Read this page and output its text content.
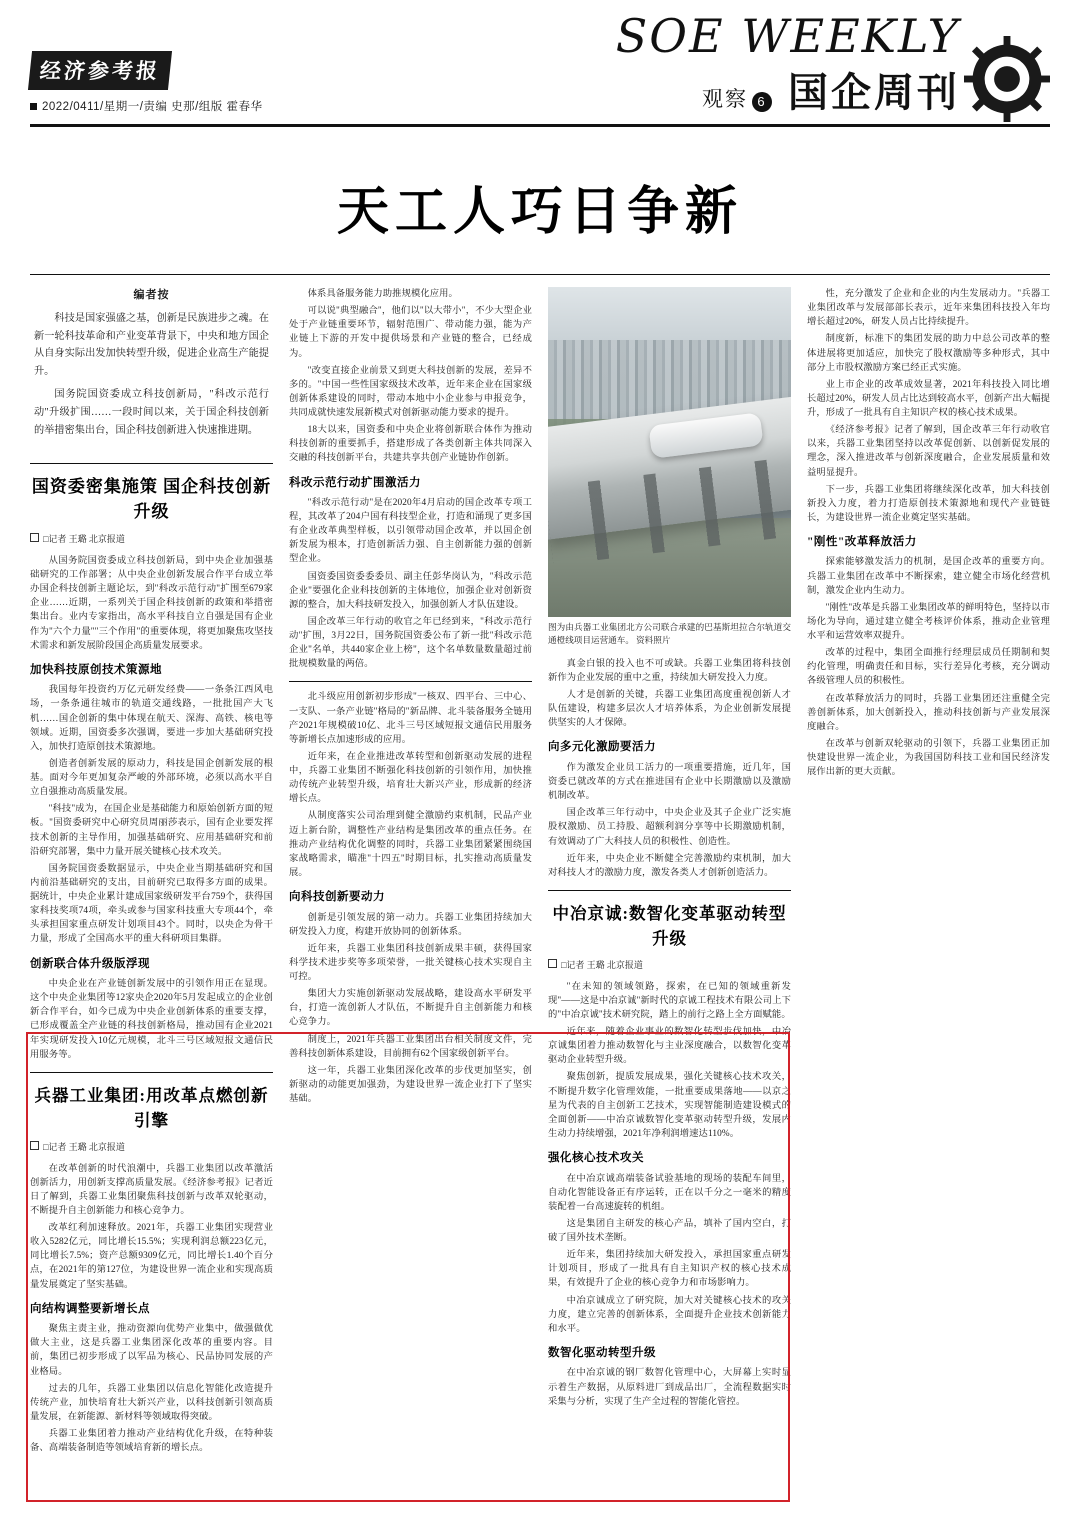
经济参考报
2022/0411/星期一/责编 史那/组版 霍春华
SOE WEEKLY
观察 6 国企周刊
天工人巧日争新
编者按

科技是国家强盛之基，创新是民族进步之魂。在新一轮科技革命和产业变革背景下，中央和地方国企从自身实际出发加快转型升级，促进企业高生产能提升。

国务院国资委成立科技创新局，"科改示范行动"升级扩围……一段时间以来，关于国企科技创新的举措密集出台，国企科技创新进入快速推进期。

国资委密集施策 国企科技创新升级
□记者 王璐 北京报道

从国务院国资委成立科技创新局，到中央企业加强基础研究的工作部署；从中央企业创新发展合作平台成立举办国企科技创新主题论坛，到"科改示范行动"扩围至679家企业……近期，一系列关于国企科技创新的政策和举措密集出台。业内专家指出，高水平科技自立自强是国有企业作为"六个力量""三个作用"的重要体现，将更加聚焦攻坚技术需求和新发展阶段国企高质量发展要求。

加快科技原创技术策源地

我国每年投资约万亿元研发经费——一条条江西风电场，一条条通往城市的轨道交通线路，一批批国产大飞机……国企创新的集中体现在航天、深海、高铁、核电等领域。近期，国资委多次强调，要进一步加大基础研究投入，加快打造原创技术策源地。

创造者创新发展的原动力，科技是国企创新发展的根基。面对今年更加复杂严峻的外部环境，必须以高水平自立自强推动高质量发展。

"科技"成为，在国企业是基础能力和原始创新方面的短板。"国资委研究中心研究员周丽莎表示，国有企业要发挥技术创新的主导作用，加强基础研究、应用基础研究和前沿研究部署，集中力量开展关键核心技术攻关。

国务院国资委数据显示，中央企业当期基础研究和国内前沿基础研究的支出，目前研究已取得多方面的成果。据统计，中央企业累计建成国家级研发平台759个，获得国家科技奖项74项，牵头或参与国家科技重大专项44个，牵头承担国家重点研发计划项目43个。同时，以央企为骨干力量，形成了全国高水平的重大科研项目集群。

创新联合体升级版浮现

中央企业在产业链创新发展中的引领作用正在显现。这个中央企业集团等12家央企2020年5月发起成立的企业创新合作平台，如今已成为中央企业创新体系的重要支撑，已形成覆盖全产业链的科技创新格局，推动国有企业2021年实现研发投入10亿元规模，北斗三号区域短报文通信民用服务等。

兵器工业集团:用改革点燃创新引擎
□记者 王璐 北京报道

在改革创新的时代浪潮中，兵器工业集团以改革激活创新活力，用创新支撑高质量发展。《经济参考报》记者近日了解到，兵器工业集团聚焦科技创新与改革双轮驱动，不断提升自主创新能力和核心竞争力。

改革红利加速释放。2021年，兵器工业集团实现营业收入5282亿元，同比增长15.5%；实现利润总额223亿元，同比增长7.5%；资产总额9309亿元，同比增长1.40个百分点，在2021年的第127位，为建设世界一流企业和实现高质量发展奠定了坚实基础。

向结构调整要新增长点

聚焦主责主业，推动资源向优势产业集中，做强做优做大主业，这是兵器工业集团深化改革的重要内容。目前，集团已初步形成了以军品为核心、民品协同发展的产业格局。

过去的几年，兵器工业集团以信息化智能化改造提升传统产业，加快培育壮大新兴产业，以科技创新引领高质量发展，在新能源、新材料等领域取得突破。

兵器工业集团着力推动产业结构优化升级，在特种装备、高端装备制造等领域培育新的增长点。

体系具备服务能力助推规模化应用。

可以说"典型融合"，他们以"以大带小"，不少大型企业处于产业链重要环节，辐射范围广、带动能力强，能为产业链上下游的开发中提供场景和产业链的整合，已经成为。

"改变直接企业前景又到更大科技创新的发展，差异不多的。"中国一些性国家级技术改革，近年来企业在国家级创新体系建设的同时，带动本地中小企业参与申报竞争，共同成就快速发展新模式对创新驱动能力要求的提升。

18大以来，国资委和中央企业将创新联合体作为推动科技创新的重要抓手，搭建形成了各类创新主体共同深入交融的科技创新平台，共建共享共创产业链协作创新。

科改示范行动扩围激活力

"科改示范行动"是在2020年4月启动的国企改革专项工程，其改革了204户国有科技型企业，打造和涌现了更多国有企业改革典型样板，以引领带动国企改革，并以国企创新发展为根本，打造创新活力强、自主创新能力强的创新型企业。

国资委国资委委委员、副主任彭华岗认为，"科改示范企业"要强化企业科技创新的主体地位，加强企业对创新资源的整合，加大科技研发投入，加强创新人才队伍建设。

国企改革三年行动的收官之年已经到来，"科改示范行动"扩围，3月22日，国务院国资委公布了新一批"科改示范企业"名单，共440家企业上榜"，这个名单数量数量超过前批规模数量的两倍。

北斗级应用创新初步形成"一核双、四平台、三中心、一支队、一条产业链"格局的"新品牌、北斗装备服务全链用产2021年规模破10亿、北斗三号区域短报文通信民用服务等新增长点加速形成的应用。

近年来，在企业推进改革转型和创新驱动发展的进程中，兵器工业集团不断强化科技创新的引领作用，加快推动传统产业转型升级，培育壮大新兴产业，形成新的经济增长点。

从制度落实公司治理到健全激励约束机制，民品产业迈上新台阶，调整性产业结构是集团改革的重点任务。在推动产业结构优化调整的同时，兵器工业集团紧紧围绕国家战略需求，瞄准"十四五"时期目标，扎实推动高质量发展。

向科技创新要动力

创新是引领发展的第一动力。兵器工业集团持续加大研发投入力度，构建开放协同的创新体系。

近年来，兵器工业集团科技创新成果丰硕，获得国家科学技术进步奖等多项荣誉，一批关键核心技术实现自主可控。

集团大力实施创新驱动发展战略，建设高水平研发平台，打造一流创新人才队伍，不断提升自主创新能力和核心竞争力。

制度上，2021年兵器工业集团出台相关制度文件，完善科技创新体系建设，目前拥有62个国家级创新平台。

这一年，兵器工业集团深化改革的步伐更加坚实，创新驱动的动能更加强劲，为建设世界一流企业打下了坚实基础。

图为由兵器工业集团北方公司联合承建的巴基斯坦拉合尔轨道交通橙线项目运营通车。 资料照片

真金白银的投入也不可或缺。兵器工业集团将科技创新作为企业发展的重中之重，持续加大研发投入力度。

人才是创新的关键，兵器工业集团高度重视创新人才队伍建设，构建多层次人才培养体系，为企业创新发展提供坚实的人才保障。

向多元化激励要活力

作为激发企业员工活力的一项重要措施，近几年，国资委已就改革的方式在推进国有企业中长期激励以及激励机制改革。

国企改革三年行动中，中央企业及其子企业广泛实施股权激励、员工持股、超额利润分享等中长期激励机制，有效调动了广大科技人员的积极性、创造性。

近年来，中央企业不断健全完善激励约束机制，加大对科技人才的激励力度，激发各类人才创新创造活力。

中冶京诚:数智化变革驱动转型升级
□记者 王璐 北京报道

"在未知的领域领路，探索，在已知的领域重新发现"——这是中冶京诚"新时代的京诚工程技术有限公司上下的"中冶京诚"技术研究院，踏上的前行之路上全方面赋能。

近年来，随着企业事业的数智化转型步伐加快，中冶京诚集团着力推动数智化与主业深度融合，以数智化变革驱动企业转型升级。

聚焦创新，提质发展成果，强化关键核心技术攻关，不断提升数字化管理效能，一批重要成果落地——以京之星为代表的自主创新工艺技术，实现智能制造建设模式的全面创新——中冶京诚数智化变革驱动转型升级，发展内生动力持续增强，2021年净利润增速达110%。

强化核心技术攻关

在中冶京诚高端装备试验基地的现场的装配车间里，自动化智能设备正有序运转，正在以千分之一毫米的精度装配着一台高速旋转的机组。

这是集团自主研发的核心产品，填补了国内空白，打破了国外技术垄断。

近年来，集团持续加大研发投入，承担国家重点研发计划项目，形成了一批具有自主知识产权的核心技术成果，有效提升了企业的核心竞争力和市场影响力。

中冶京诚成立了研究院，加大对关键核心技术的攻关力度，建立完善的创新体系，全面提升企业技术创新能力和水平。

数智化驱动转型升级

在中冶京诚的钢厂数智化管理中心，大屏幕上实时显示着生产数据，从原料进厂到成品出厂，全流程数据实时采集与分析，实现了生产全过程的智能化管控。

性，充分激发了企业和企业的内生发展动力。"兵器工业集团改革与发展部部长表示，近年来集团科技投入年均增长超过20%，研发人员占比持续提升。

制度新，标准下的集团发展的助力中总公司改革的整体进展将更加适应，加快完了股权激励等多种形式，其中部分上市股权激励方案已经正式实施。

业上市企业的改革成效显著，2021年科技投入同比增长超过20%，研发人员占比达到较高水平，创新产出大幅提升，形成了一批具有自主知识产权的核心技术成果。

《经济参考报》记者了解到，国企改革三年行动收官以来，兵器工业集团坚持以改革促创新、以创新促发展的理念，深入推进改革与创新深度融合，企业发展质量和效益明显提升。

下一步，兵器工业集团将继续深化改革，加大科技创新投入力度，着力打造原创技术策源地和现代产业链链长，为建设世界一流企业奠定坚实基础。

"刚性"改革释放活力

探索能够激发活力的机制，是国企改革的重要方向。兵器工业集团在改革中不断探索，建立健全市场化经营机制，激发企业内生动力。

"刚性"改革是兵器工业集团改革的鲜明特色，坚持以市场化为导向，通过建立健全考核评价体系，推动企业管理水平和运营效率双提升。

改革的过程中，集团全面推行经理层成员任期制和契约化管理，明确责任和目标，实行差异化考核，充分调动各级管理人员的积极性。

在改革释放活力的同时，兵器工业集团还注重健全完善创新体系，加大创新投入，推动科技创新与产业发展深度融合。

在改革与创新双轮驱动的引领下，兵器工业集团正加快建设世界一流企业，为我国国防科技工业和国民经济发展作出新的更大贡献。
